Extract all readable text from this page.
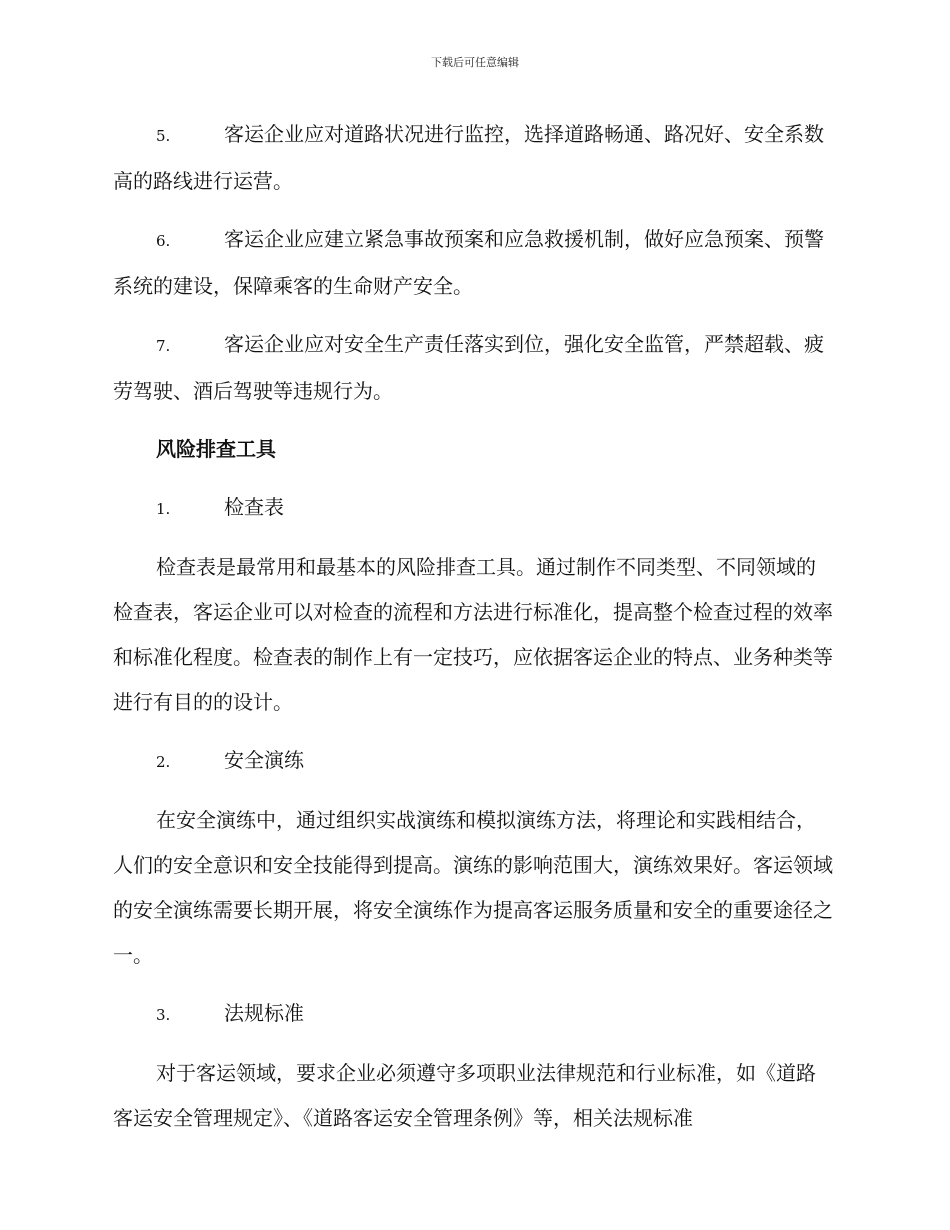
下载后可任意编辑
5.	客运企业应对道路状况进行监控，选择道路畅通、路况好、安全系数高的路线进行运营。
6.	客运企业应建立紧急事故预案和应急救援机制，做好应急预案、预警系统的建设，保障乘客的生命财产安全。
7.	客运企业应对安全生产责任落实到位，强化安全监管，严禁超载、疲劳驾驶、酒后驾驶等违规行为。
风险排查工具
1.	检查表
检查表是最常用和最基本的风险排查工具。通过制作不同类型、不同领域的检查表，客运企业可以对检查的流程和方法进行标准化，提高整个检查过程的效率和标准化程度。检查表的制作上有一定技巧，应依据客运企业的特点、业务种类等进行有目的的设计。
2.	安全演练
在安全演练中，通过组织实战演练和模拟演练方法，将理论和实践相结合，人们的安全意识和安全技能得到提高。演练的影响范围大，演练效果好。客运领域的安全演练需要长期开展，将安全演练作为提高客运服务质量和安全的重要途径之一。
3.	法规标准
对于客运领域，要求企业必须遵守多项职业法律规范和行业标准，如《道路客运安全管理规定》、《道路客运安全管理条例》等，相关法规标准
